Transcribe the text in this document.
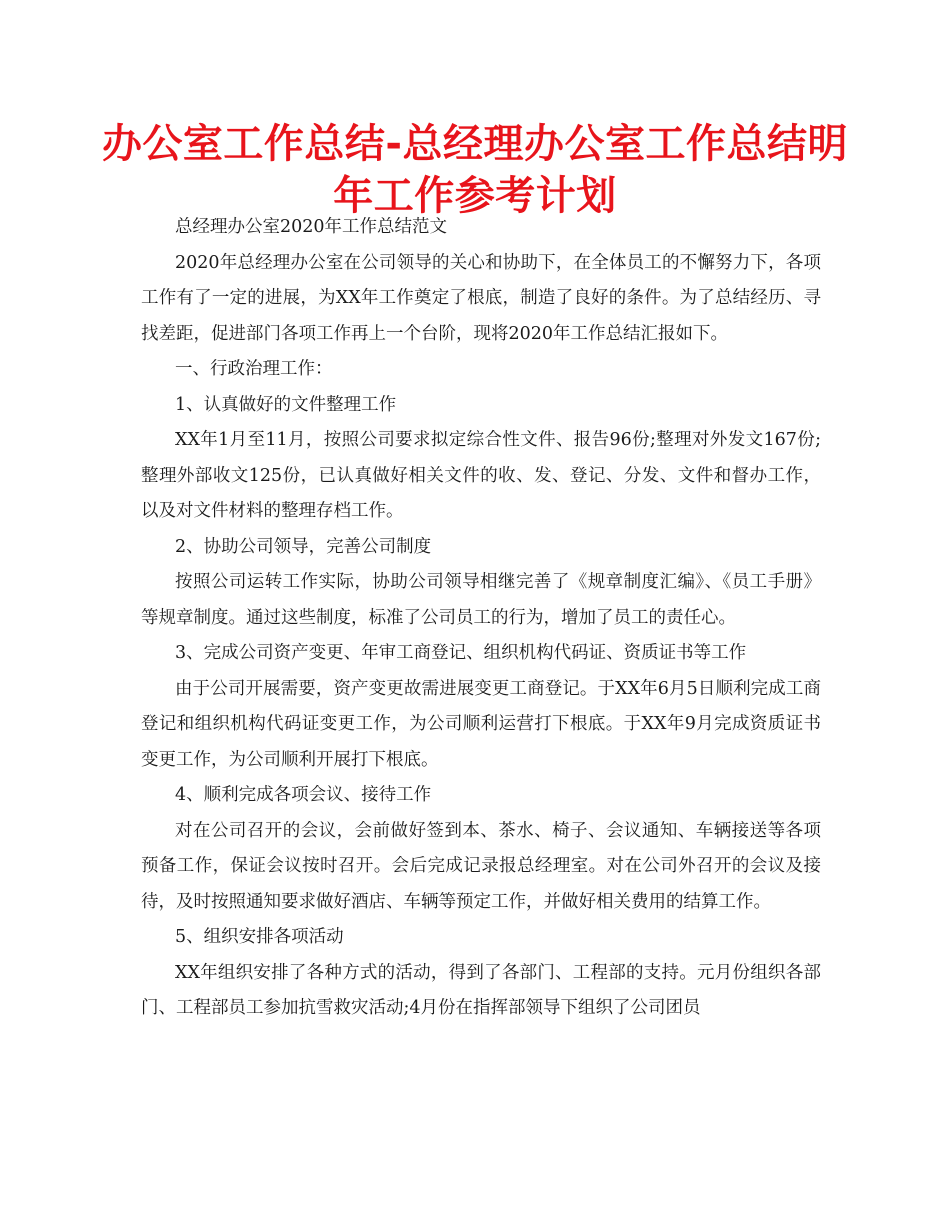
办公室工作总结-总经理办公室工作总结明
年工作参考计划

总经理办公室2020年工作总结范文

2020年总经理办公室在公司领导的关心和协助下，在全体员工的不懈努力下，各项工作有了一定的进展，为XX年工作奠定了根底，制造了良好的条件。为了总结经历、寻找差距，促进部门各项工作再上一个台阶，现将2020年工作总结汇报如下。

一、行政治理工作：

1、认真做好的文件整理工作

XX年1月至11月，按照公司要求拟定综合性文件、报告96份;整理对外发文167份;整理外部收文125份，已认真做好相关文件的收、发、登记、分发、文件和督办工作，以及对文件材料的整理存档工作。

2、协助公司领导，完善公司制度

按照公司运转工作实际，协助公司领导相继完善了《规章制度汇编》、《员工手册》等规章制度。通过这些制度，标准了公司员工的行为，增加了员工的责任心。

3、完成公司资产变更、年审工商登记、组织机构代码证、资质证书等工作

由于公司开展需要，资产变更故需进展变更工商登记。于XX年6月5日顺利完成工商登记和组织机构代码证变更工作，为公司顺利运营打下根底。于XX年9月完成资质证书变更工作，为公司顺利开展打下根底。

4、顺利完成各项会议、接待工作

对在公司召开的会议，会前做好签到本、茶水、椅子、会议通知、车辆接送等各项预备工作，保证会议按时召开。会后完成记录报总经理室。对在公司外召开的会议及接待，及时按照通知要求做好酒店、车辆等预定工作，并做好相关费用的结算工作。

5、组织安排各项活动

XX年组织安排了各种方式的活动，得到了各部门、工程部的支持。元月份组织各部门、工程部员工参加抗雪救灾活动;4月份在指挥部领导下组织了公司团员
